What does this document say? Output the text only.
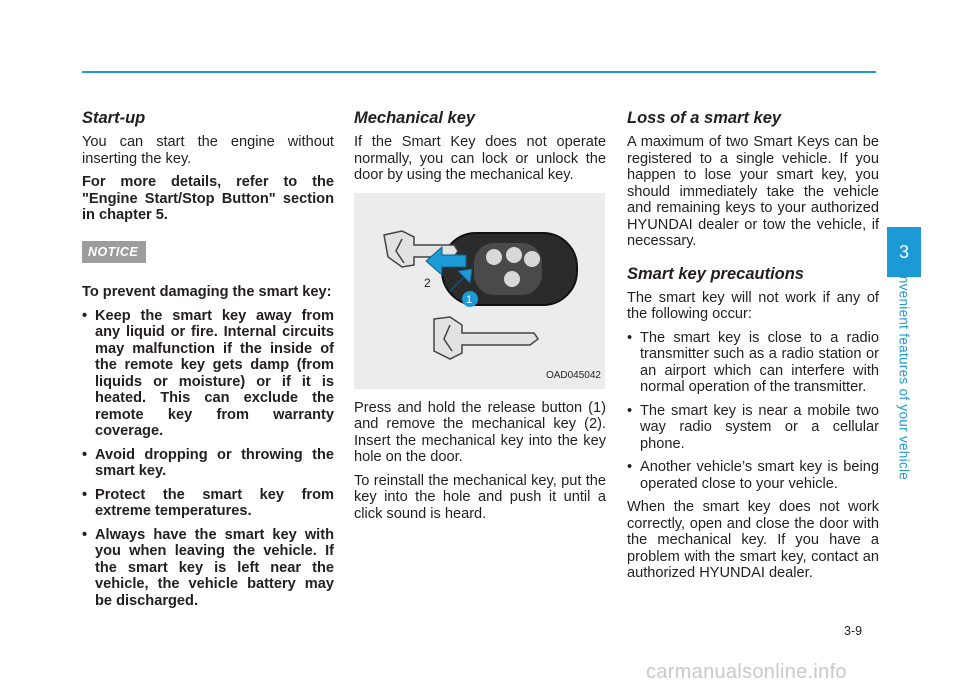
Start-up

You can start the engine without inserting the key.

For more details, refer to the "Engine Start/Stop Button" section in chapter 5.

NOTICE

To prevent damaging the smart key:

• Keep the smart key away from any liquid or fire. Internal circuits may malfunction if the inside of the remote key gets damp (from liquids or moisture) or if it is heated. This can exclude the remote key from warranty coverage.
• Avoid dropping or throwing the smart key.
• Protect the smart key from extreme temperatures.
• Always have the smart key with you when leaving the vehicle. If the smart key is left near the vehicle, the vehicle battery may be discharged.
Mechanical key

If the Smart Key does not operate normally, you can lock or unlock the door by using the mechanical key.

2
1
OAD045042

Press and hold the release button (1) and remove the mechanical key (2). Insert the mechanical key into the key hole on the door.

To reinstall the mechanical key, put the key into the hole and push it until a click sound is heard.

Loss of a smart key

A maximum of two Smart Keys can be registered to a single vehicle. If you happen to lose your smart key, you should immediately take the vehicle and remaining keys to your authorized HYUNDAI dealer or tow the vehicle, if necessary.

Smart key precautions

The smart key will not work if any of the following occur:

• The smart key is close to a radio transmitter such as a radio station or an airport which can interfere with normal operation of the transmitter.
• The smart key is near a mobile two way radio system or a cellular phone.
• Another vehicle’s smart key is being operated close to your vehicle.

When the smart key does not work correctly, open and close the door with the mechanical key. If you have a problem with the smart key, contact an authorized HYUNDAI dealer.

3
Convenient features of your vehicle
3-9
carmanualsonline.info
